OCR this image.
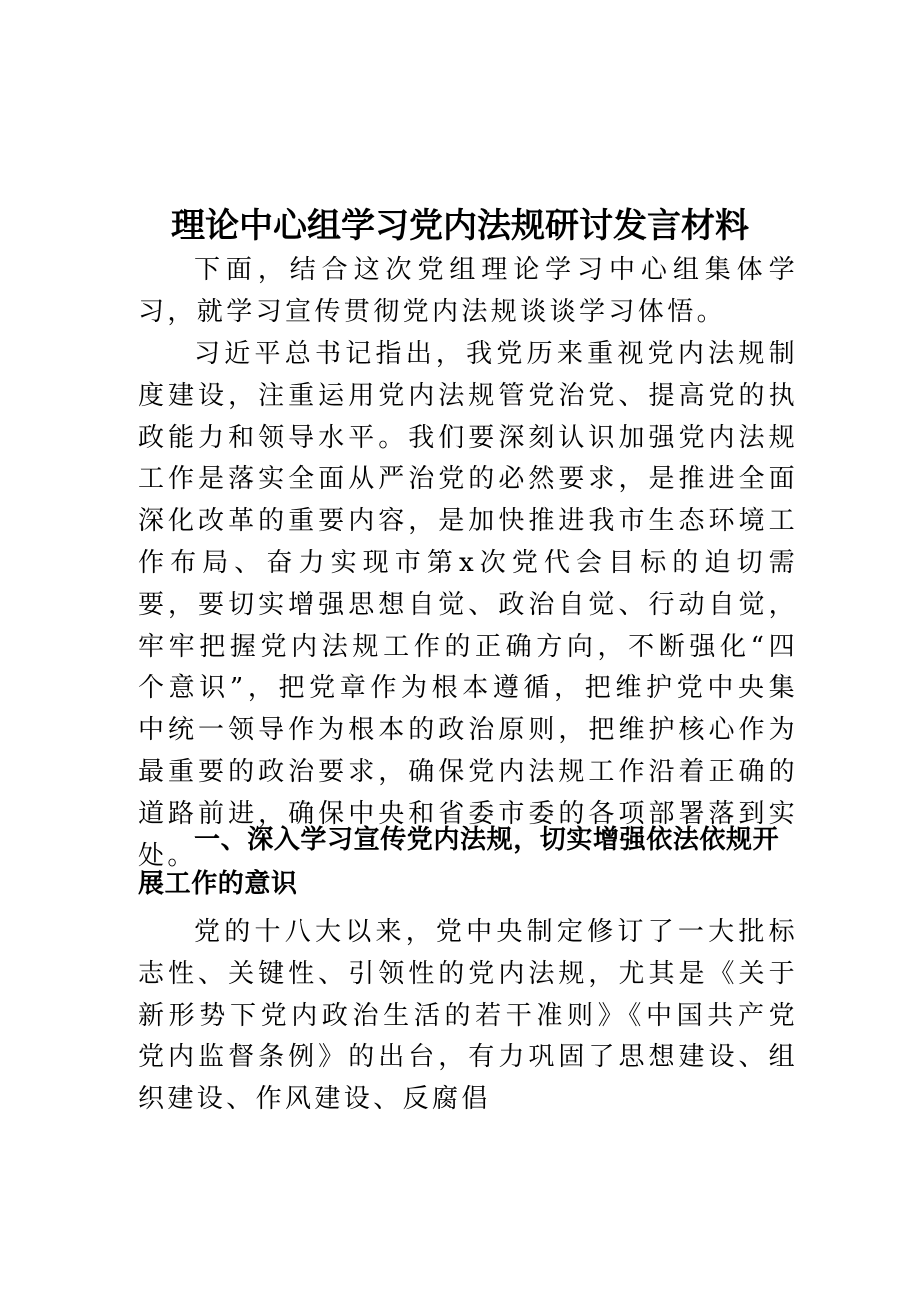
理论中心组学习党内法规研讨发言材料

下面，结合这次党组理论学习中心组集体学习，就学习宣传贯彻党内法规谈谈学习体悟。

习近平总书记指出，我党历来重视党内法规制度建设，注重运用党内法规管党治党、提高党的执政能力和领导水平。我们要深刻认识加强党内法规工作是落实全面从严治党的必然要求，是推进全面深化改革的重要内容，是加快推进我市生态环境工作布局、奋力实现市第x次党代会目标的迫切需要，要切实增强思想自觉、政治自觉、行动自觉，牢牢把握党内法规工作的正确方向，不断强化“四个意识”，把党章作为根本遵循，把维护党中央集中统一领导作为根本的政治原则，把维护核心作为最重要的政治要求，确保党内法规工作沿着正确的道路前进，确保中央和省委市委的各项部署落到实处。

一、深入学习宣传党内法规，切实增强依法依规开展工作的意识

党的十八大以来，党中央制定修订了一大批标志性、关键性、引领性的党内法规，尤其是《关于新形势下党内政治生活的若干准则》《中国共产党党内监督条例》的出台，有力巩固了思想建设、组织建设、作风建设、反腐倡
